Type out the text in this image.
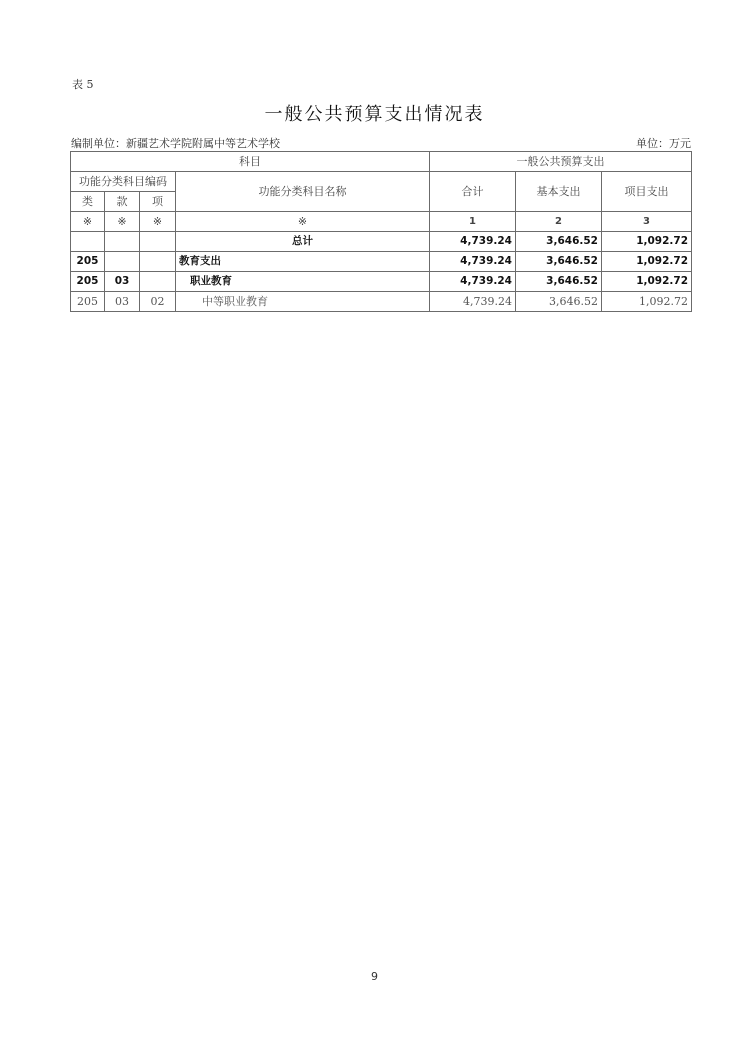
表 5
一般公共预算支出情况表
编制单位：新疆艺术学院附属中等艺术学校	单位：万元
科目				一般公共预算支出		
功能分类科目编码			功能分类科目名称	合计	基本支出	项目支出
类	款	项				
※	※	※	※	1	2	3
			总计	4,739.24	3,646.52	1,092.72
205			教育支出	4,739.24	3,646.52	1,092.72
205	03		职业教育	4,739.24	3,646.52	1,092.72
205	03	02	中等职业教育	4,739.24	3,646.52	1,092.72
9
